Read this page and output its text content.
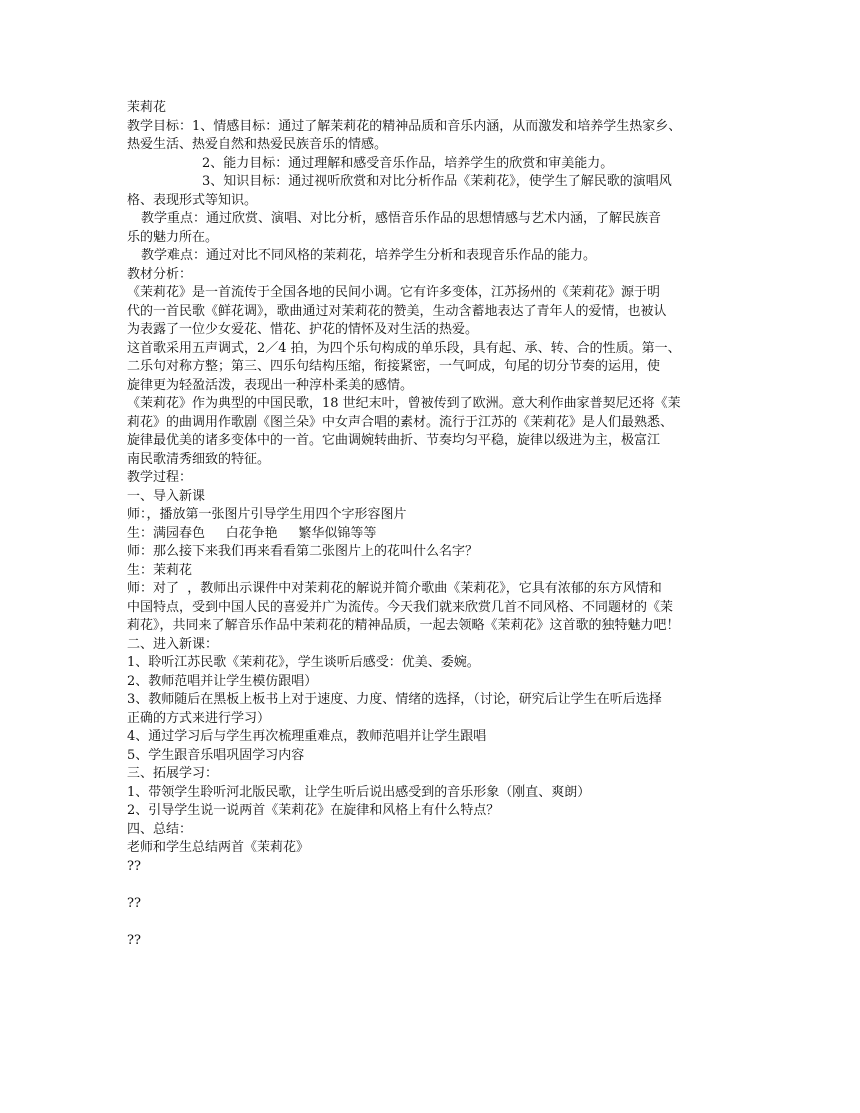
茉莉花

教学目标：1、情感目标：通过了解茉莉花的精神品质和音乐内涵，从而激发和培养学生热家乡、

热爱生活、热爱自然和热爱民族音乐的情感。

2、能力目标：通过理解和感受音乐作品，培养学生的欣赏和审美能力。

3、知识目标：通过视听欣赏和对比分析作品《茉莉花》，使学生了解民歌的演唱风

格、表现形式等知识。

教学重点：通过欣赏、演唱、对比分析，感悟音乐作品的思想情感与艺术内涵，了解民族音

乐的魅力所在。

教学难点：通过对比不同风格的茉莉花，培养学生分析和表现音乐作品的能力。

教材分析：

《茉莉花》是一首流传于全国各地的民间小调。它有许多变体，江苏扬州的《茉莉花》源于明

代的一首民歌《鲜花调》，歌曲通过对茉莉花的赞美，生动含蓄地表达了青年人的爱情，也被认

为表露了一位少女爱花、惜花、护花的情怀及对生活的热爱。

这首歌采用五声调式，2／4 拍，为四个乐句构成的单乐段，具有起、承、转、合的性质。第一、

二乐句对称方整；第三、四乐句结构压缩，衔接紧密，一气呵成，句尾的切分节奏的运用，使

旋律更为轻盈活泼，表现出一种淳朴柔美的感情。

《茉莉花》作为典型的中国民歌，18 世纪末叶，曾被传到了欧洲。意大利作曲家普契尼还将《茉

莉花》的曲调用作歌剧《图兰朵》中女声合唱的素材。流行于江苏的《茉莉花》是人们最熟悉、

旋律最优美的诸多变体中的一首。它曲调婉转曲折、节奏均匀平稳，旋律以级进为主，极富江

南民歌清秀细致的特征。

教学过程：

一、导入新课

师：，播放第一张图片引导学生用四个字形容图片

生：满园春色     白花争艳     繁华似锦等等

师：那么接下来我们再来看看第二张图片上的花叫什么名字？

生：茉莉花

师：对了  ，教师出示课件中对茉莉花的解说并简介歌曲《茉莉花》，它具有浓郁的东方风情和

中国特点，受到中国人民的喜爱并广为流传。今天我们就来欣赏几首不同风格、不同题材的《茉

莉花》，共同来了解音乐作品中茉莉花的精神品质，一起去领略《茉莉花》这首歌的独特魅力吧！

二、进入新课：

1、聆听江苏民歌《茉莉花》，学生谈听后感受：优美、委婉。

2、教师范唱并让学生模仿跟唱）

3、教师随后在黑板上板书上对于速度、力度、情绪的选择，（讨论，研究后让学生在听后选择

正确的方式来进行学习）

4、通过学习后与学生再次梳理重难点，教师范唱并让学生跟唱

5、学生跟音乐唱巩固学习内容

三、拓展学习：

1、带领学生聆听河北版民歌，让学生听后说出感受到的音乐形象（刚直、爽朗）

2、引导学生说一说两首《茉莉花》在旋律和风格上有什么特点？

四、总结：

老师和学生总结两首《茉莉花》

??

??

??
